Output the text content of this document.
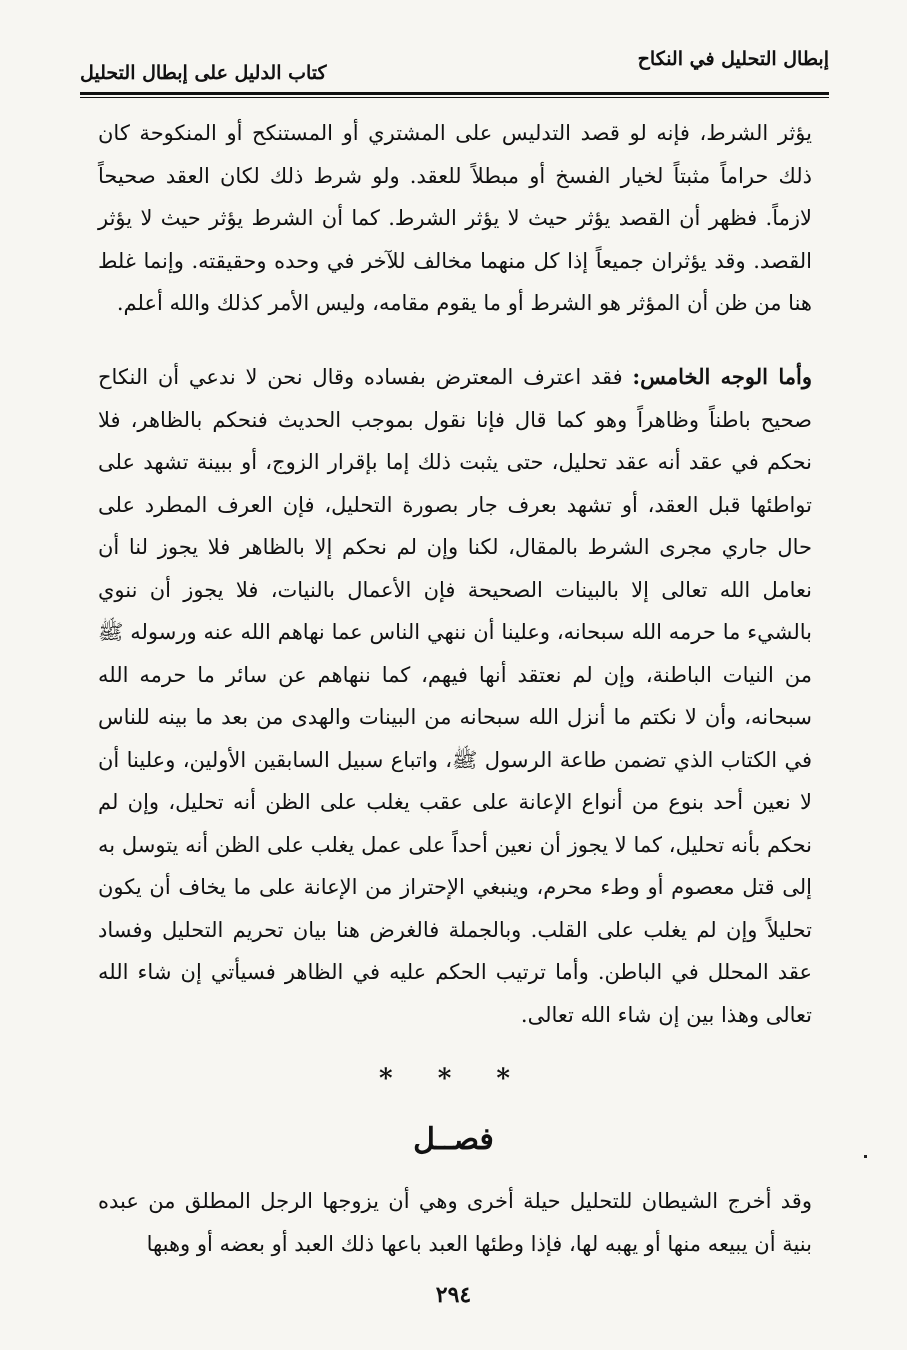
إبطال التحليل في النكاح
كتاب الدليل على إبطال التحليل
يؤثر الشرط، فإنه لو قصد التدليس على المشتري أو المستنكح أو المنكوحة كان ذلك حراماً مثبتاً لخيار الفسخ أو مبطلاً للعقد. ولو شرط ذلك لكان العقد صحيحاً لازماً. فظهر أن القصد يؤثر حيث لا يؤثر الشرط. كما أن الشرط يؤثر حيث لا يؤثر القصد. وقد يؤثران جميعاً إذا كل منهما مخالف للآخر في وحده وحقيقته. وإنما غلط هنا من ظن أن المؤثر هو الشرط أو ما يقوم مقامه، وليس الأمر كذلك والله أعلم.
وأما الوجه الخامس: فقد اعترف المعترض بفساده وقال نحن لا ندعي أن النكاح صحيح باطناً وظاهراً وهو كما قال فإنا نقول بموجب الحديث فنحكم بالظاهر، فلا نحكم في عقد أنه عقد تحليل، حتى يثبت ذلك إما بإقرار الزوج، أو ببينة تشهد على تواطئها قبل العقد، أو تشهد بعرف جار بصورة التحليل، فإن العرف المطرد على حال جاري مجرى الشرط بالمقال، لكنا وإن لم نحكم إلا بالظاهر فلا يجوز لنا أن نعامل الله تعالى إلا بالبينات الصحيحة فإن الأعمال بالنيات، فلا يجوز أن ننوي بالشيء ما حرمه الله سبحانه، وعلينا أن ننهي الناس عما نهاهم الله عنه ورسوله ﷺ من النيات الباطنة، وإن لم نعتقد أنها فيهم، كما ننهاهم عن سائر ما حرمه الله سبحانه، وأن لا نكتم ما أنزل الله سبحانه من البينات والهدى من بعد ما بينه للناس في الكتاب الذي تضمن طاعة الرسول ﷺ، واتباع سبيل السابقين الأولين، وعلينا أن لا نعين أحد بنوع من أنواع الإعانة على عقب يغلب على الظن أنه تحليل، وإن لم نحكم بأنه تحليل، كما لا يجوز أن نعين أحداً على عمل يغلب على الظن أنه يتوسل به إلى قتل معصوم أو وطء محرم، وينبغي الإحتراز من الإعانة على ما يخاف أن يكون تحليلاً وإن لم يغلب على القلب. وبالجملة فالغرض هنا بيان تحريم التحليل وفساد عقد المحلل في الباطن. وأما ترتيب الحكم عليه في الظاهر فسيأتي إن شاء الله تعالى وهذا بين إن شاء الله تعالى.
* * *
فصــل
وقد أخرج الشيطان للتحليل حيلة أخرى وهي أن يزوجها الرجل المطلق من عبده بنية أن يبيعه منها أو يهبه لها، فإذا وطئها العبد باعها ذلك العبد أو بعضه أو وهبها
٢٩٤
